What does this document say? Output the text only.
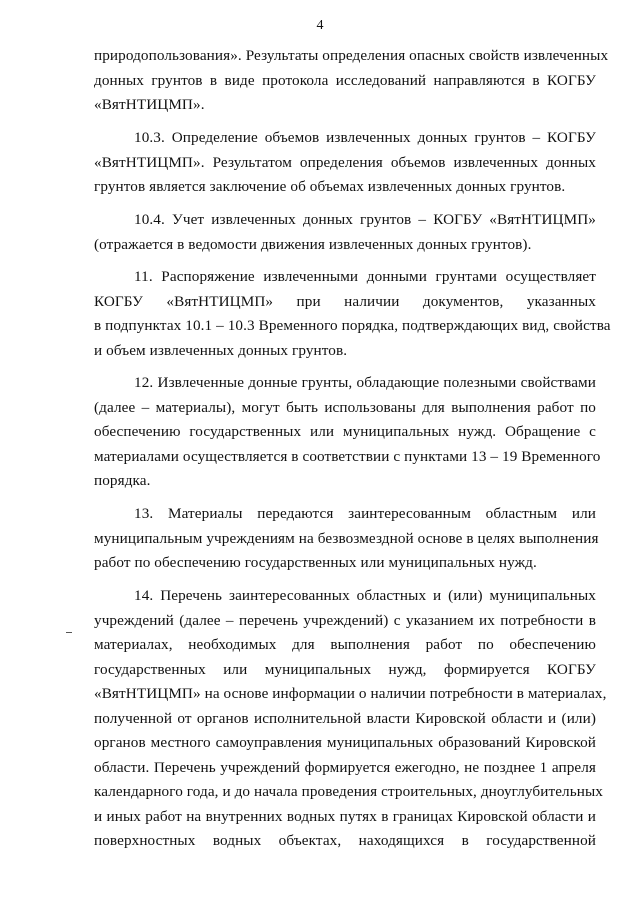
4
природопользования». Результаты определения опасных свойств извлеченных
донных грунтов в виде протокола исследований направляются в КОГБУ
«ВятНТИЦМП».
10.3. Определение объемов извлеченных донных грунтов – КОГБУ
«ВятНТИЦМП». Результатом определения объемов извлеченных донных
грунтов является заключение об объемах извлеченных донных грунтов.
10.4. Учет извлеченных донных грунтов – КОГБУ «ВятНТИЦМП»
(отражается в ведомости движения извлеченных донных грунтов).
11. Распоряжение извлеченными донными грунтами осуществляет
КОГБУ «ВятНТИЦМП» при наличии документов, указанных
в подпунктах 10.1 – 10.3 Временного порядка, подтверждающих вид, свойства
и объем извлеченных донных грунтов.
12. Извлеченные донные грунты, обладающие полезными свойствами
(далее – материалы), могут быть использованы для выполнения работ по
обеспечению государственных или муниципальных нужд. Обращение с
материалами осуществляется в соответствии с пунктами 13 – 19 Временного
порядка.
13. Материалы передаются заинтересованным областным или
муниципальным учреждениям на безвозмездной основе в целях выполнения
работ по обеспечению государственных или муниципальных нужд.
14. Перечень заинтересованных областных и (или) муниципальных
учреждений (далее – перечень учреждений) с указанием их потребности в
материалах, необходимых для выполнения работ по обеспечению
государственных или муниципальных нужд, формируется КОГБУ
«ВятНТИЦМП» на основе информации о наличии потребности в материалах,
полученной от органов исполнительной власти Кировской области и (или)
органов местного самоуправления муниципальных образований Кировской
области. Перечень учреждений формируется ежегодно, не позднее 1 апреля
календарного года, и до начала проведения строительных, дноуглубительных
и иных работ на внутренних водных путях в границах Кировской области и
поверхностных водных объектах, находящихся в государственной
